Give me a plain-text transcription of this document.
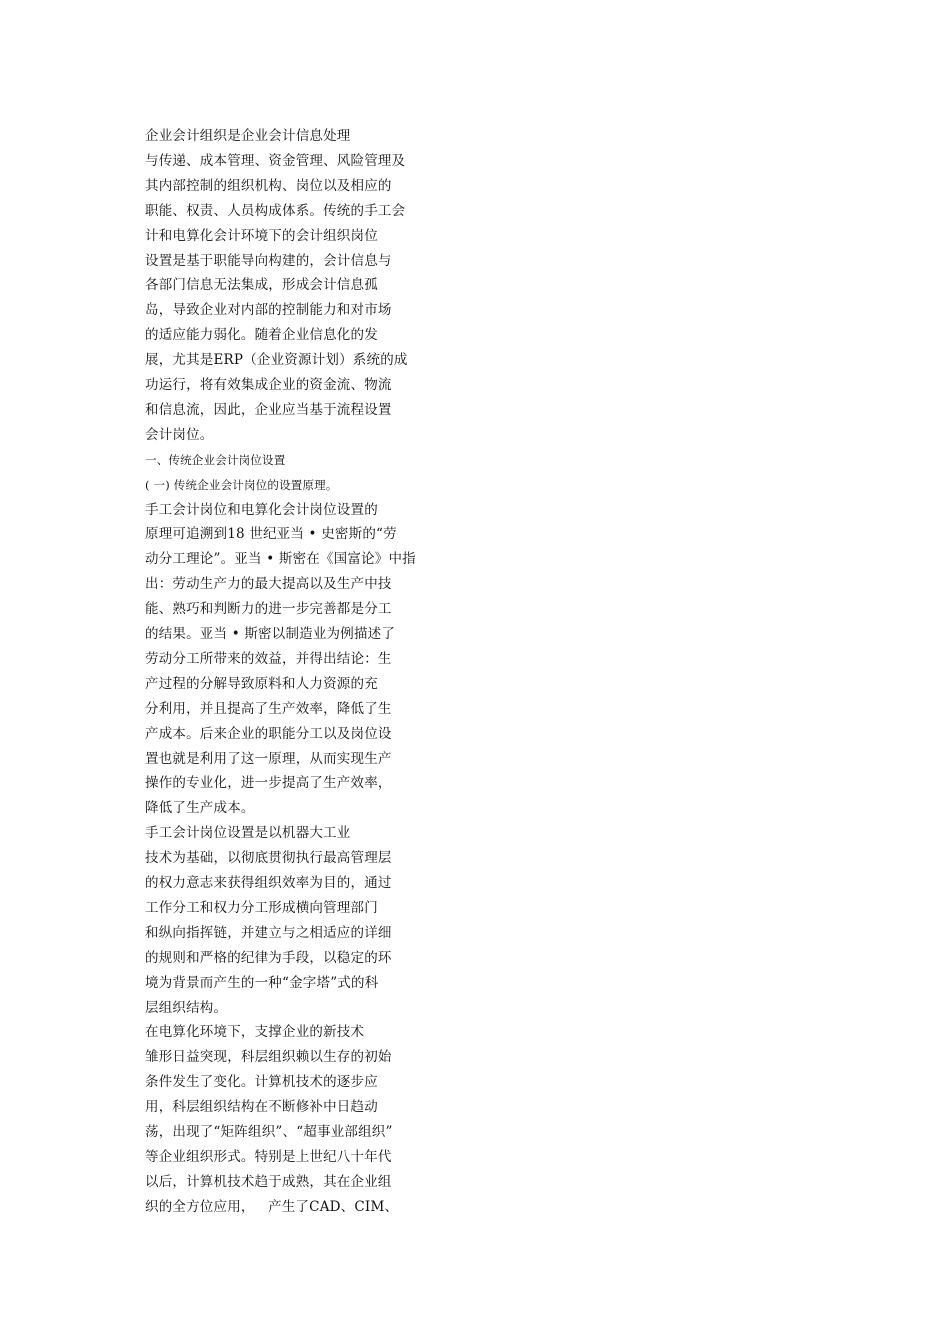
企业会计组织是企业会计信息处理
与传递、成本管理、资金管理、风险管理及
其内部控制的组织机构、岗位以及相应的
职能、权责、人员构成体系。传统的手工会
计和电算化会计环境下的会计组织岗位
设置是基于职能导向构建的，会计信息与
各部门信息无法集成，形成会计信息孤
岛，导致企业对内部的控制能力和对市场
的适应能力弱化。随着企业信息化的发
展，尤其是ERP（企业资源计划）系统的成
功运行，将有效集成企业的资金流、物流
和信息流，因此，企业应当基于流程设置
会计岗位。
一、传统企业会计岗位设置
( 一) 传统企业会计岗位的设置原理。
手工会计岗位和电算化会计岗位设置的
原理可追溯到18 世纪亚当 • 史密斯的“劳
动分工理论”。亚当 • 斯密在《国富论》中指
出：劳动生产力的最大提高以及生产中技
能、熟巧和判断力的进一步完善都是分工
的结果。亚当 • 斯密以制造业为例描述了
劳动分工所带来的效益，并得出结论：生
产过程的分解导致原料和人力资源的充
分利用，并且提高了生产效率，降低了生
产成本。后来企业的职能分工以及岗位设
置也就是利用了这一原理，从而实现生产
操作的专业化，进一步提高了生产效率，
降低了生产成本。
手工会计岗位设置是以机器大工业
技术为基础，以彻底贯彻执行最高管理层
的权力意志来获得组织效率为目的，通过
工作分工和权力分工形成横向管理部门
和纵向指挥链，并建立与之相适应的详细
的规则和严格的纪律为手段，以稳定的环
境为背景而产生的一种“金字塔”式的科
层组织结构。
在电算化环境下，支撑企业的新技术
雏形日益突现，科层组织赖以生存的初始
条件发生了变化。计算机技术的逐步应
用，科层组织结构在不断修补中日趋动
荡，出现了“矩阵组织”、“超事业部组织”
等企业组织形式。特别是上世纪八十年代
以后，计算机技术趋于成熟，其在企业组
织的全方位应用，   产生了CAD、CIM、
